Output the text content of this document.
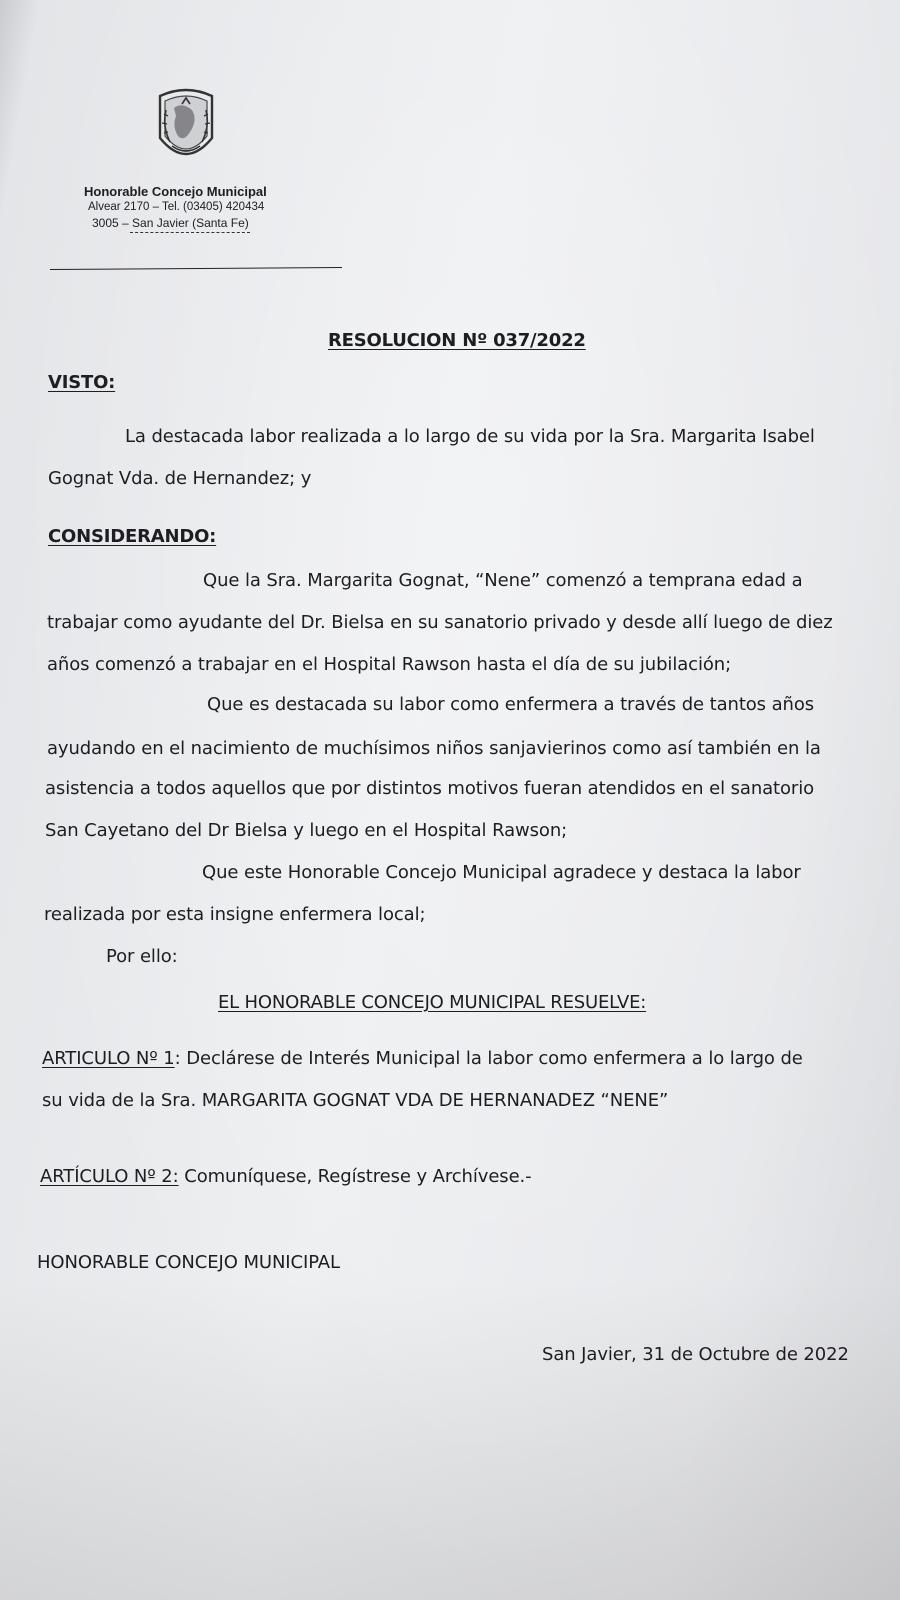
Honorable Concejo Municipal
Alvear 2170 – Tel. (03405) 420434
3005 – San Javier (Santa Fe)
RESOLUCION Nº 037/2022
VISTO:
La destacada labor realizada a lo largo de su vida por la Sra. Margarita Isabel
Gognat Vda. de Hernandez; y
CONSIDERANDO:
Que la Sra. Margarita Gognat, “Nene” comenzó a temprana edad a
trabajar como ayudante del Dr. Bielsa en su sanatorio privado y desde allí luego de diez
años comenzó a trabajar en el Hospital Rawson hasta el día de su jubilación;
Que es destacada su labor como enfermera a través de tantos años
ayudando en el nacimiento de muchísimos niños sanjavierinos como así también en la
asistencia a todos aquellos que por distintos motivos fueran atendidos en el sanatorio
San Cayetano del Dr Bielsa y luego en el Hospital Rawson;
Que este Honorable Concejo Municipal agradece y destaca la labor
realizada por esta insigne enfermera local;
Por ello:
EL HONORABLE CONCEJO MUNICIPAL RESUELVE:
ARTICULO Nº 1: Declárese de Interés Municipal la labor como enfermera a lo largo de
su vida de la Sra. MARGARITA GOGNAT VDA DE HERNANADEZ “NENE”
ARTÍCULO Nº 2: Comuníquese, Regístrese y Archívese.-
HONORABLE CONCEJO MUNICIPAL
San Javier, 31 de Octubre de 2022
